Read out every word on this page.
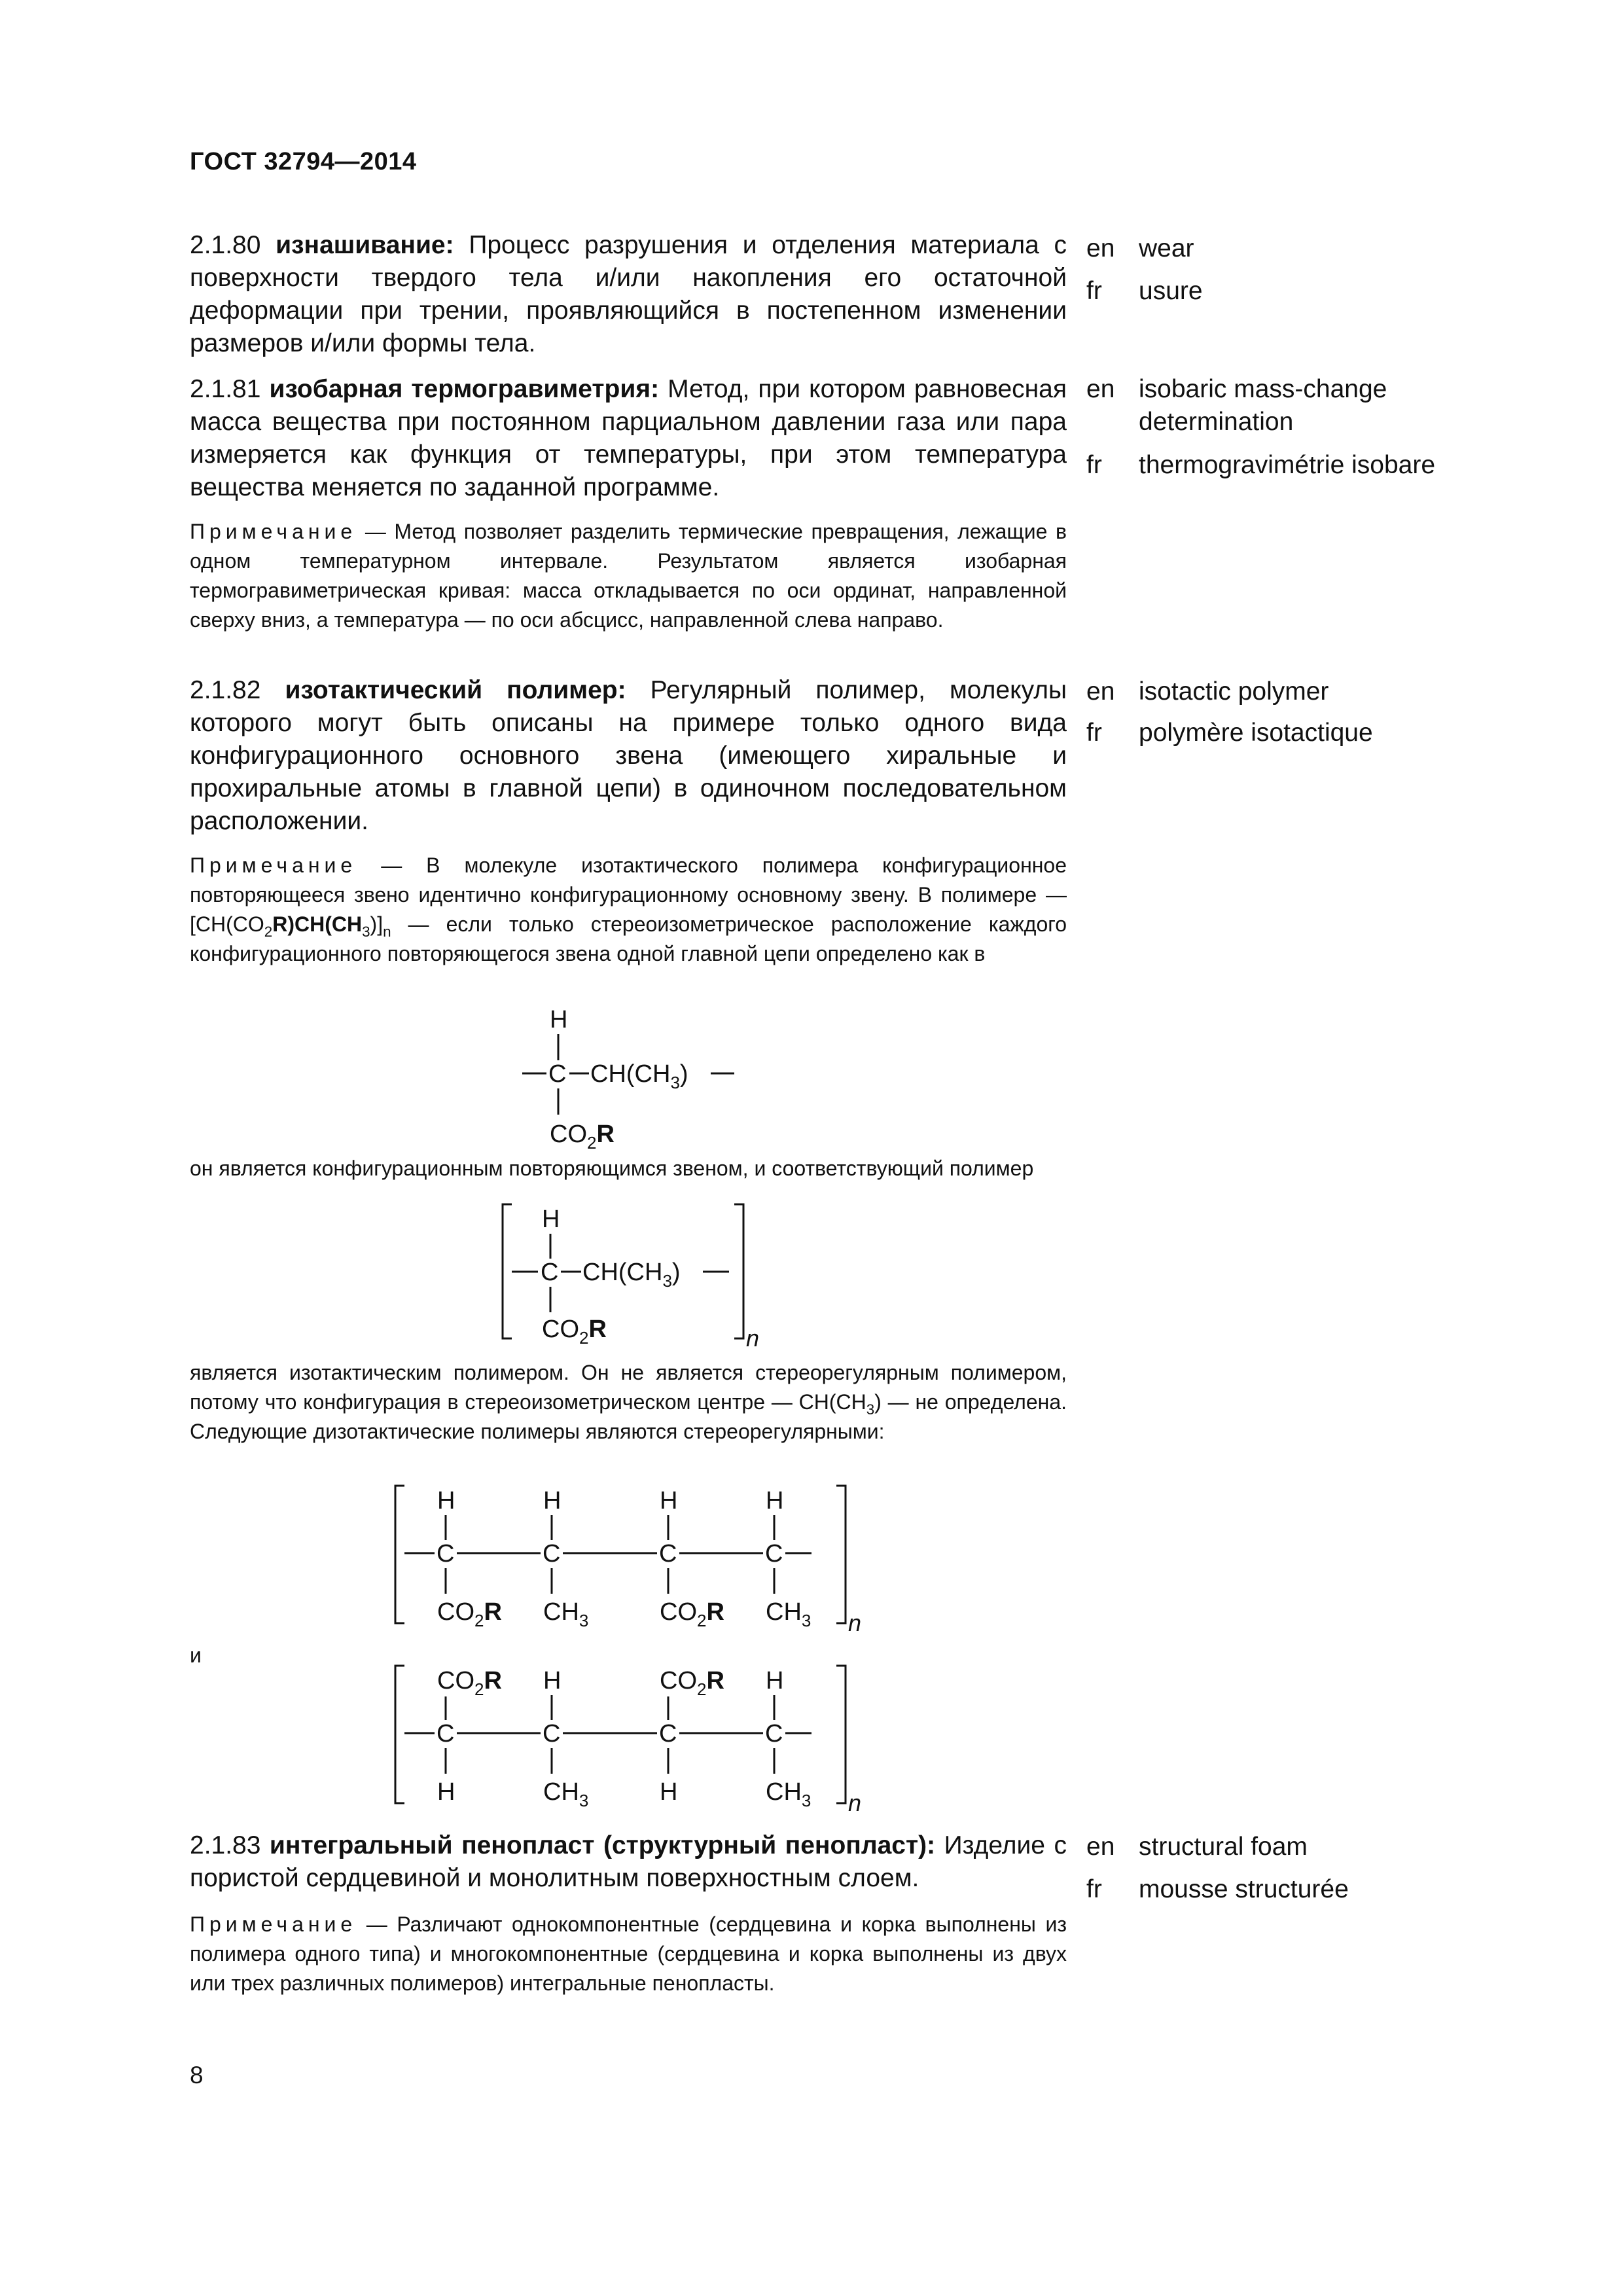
ГОСТ 32794—2014
2.1.80 изнашивание: Процесс разрушения и отделения материала с поверхности твердого тела и/или накопления его остаточной деформации при трении, проявляющийся в постепенном изменении размеров и/или формы тела.
en wear
fr usure
2.1.81 изобарная термогравиметрия: Метод, при котором равновесная масса вещества при постоянном парциальном давлении газа или пара измеряется как функция от температуры, при этом температура вещества меняется по заданной программе.
en isobaric mass-change determination
fr thermogravimétrie isobare
Примечание — Метод позволяет разделить термические превращения, лежащие в одном температурном интервале. Результатом является изобарная термогравиметрическая кривая: масса откладывается по оси ординат, направленной сверху вниз, а температура — по оси абсцисс, направленной слева направо.
2.1.82 изотактический полимер: Регулярный полимер, молекулы которого могут быть описаны на примере только одного вида конфигурационного основного звена (имеющего хиральные и прохиральные атомы в главной цепи) в одиночном последовательном расположении.
en isotactic polymer
fr polymère isotactique
Примечание — В молекуле изотактического полимера конфигурационное повторяющееся звено идентично конфигурационному основному звену. В полимере — $[CH(CO_2R)CH(CH_3)]_n$ — если только стереоизометрическое расположение каждого конфигурационного повторяющегося звена одной главной цепи определено как в
H
C $CH(CH_3)$
$CO_2R$
он является конфигурационным повторяющимся звеном, и соответствующий полимер
H
C $CH(CH_3)$
$CO_2R$	n
является изотактическим полимером. Он не является стереорегулярным полимером, потому что конфигурация в стереоизометрическом центре — $CH(CH_3)$ — не определена. Следующие дизотактические полимеры являются стереорегулярными:
H	H	H	H
C	C	C	C
$CO_2R$ $CH_3$	$CO_2R$ $CH_3$ n
и
$CO_2R$ H	$CO_2R$ H
C	C	C	C
H	$CH_3$	H	$CH_3$ n
2.1.83 интегральный пенопласт (структурный пенопласт): Изделие с пористой сердцевиной и монолитным поверхностным слоем.
en structural foam
fr mousse structurée
Примечание — Различают однокомпонентные (сердцевина и корка выполнены из полимера одного типа) и многокомпонентные (сердцевина и корка выполнены из двух или трех различных полимеров) интегральные пенопласты.
8
